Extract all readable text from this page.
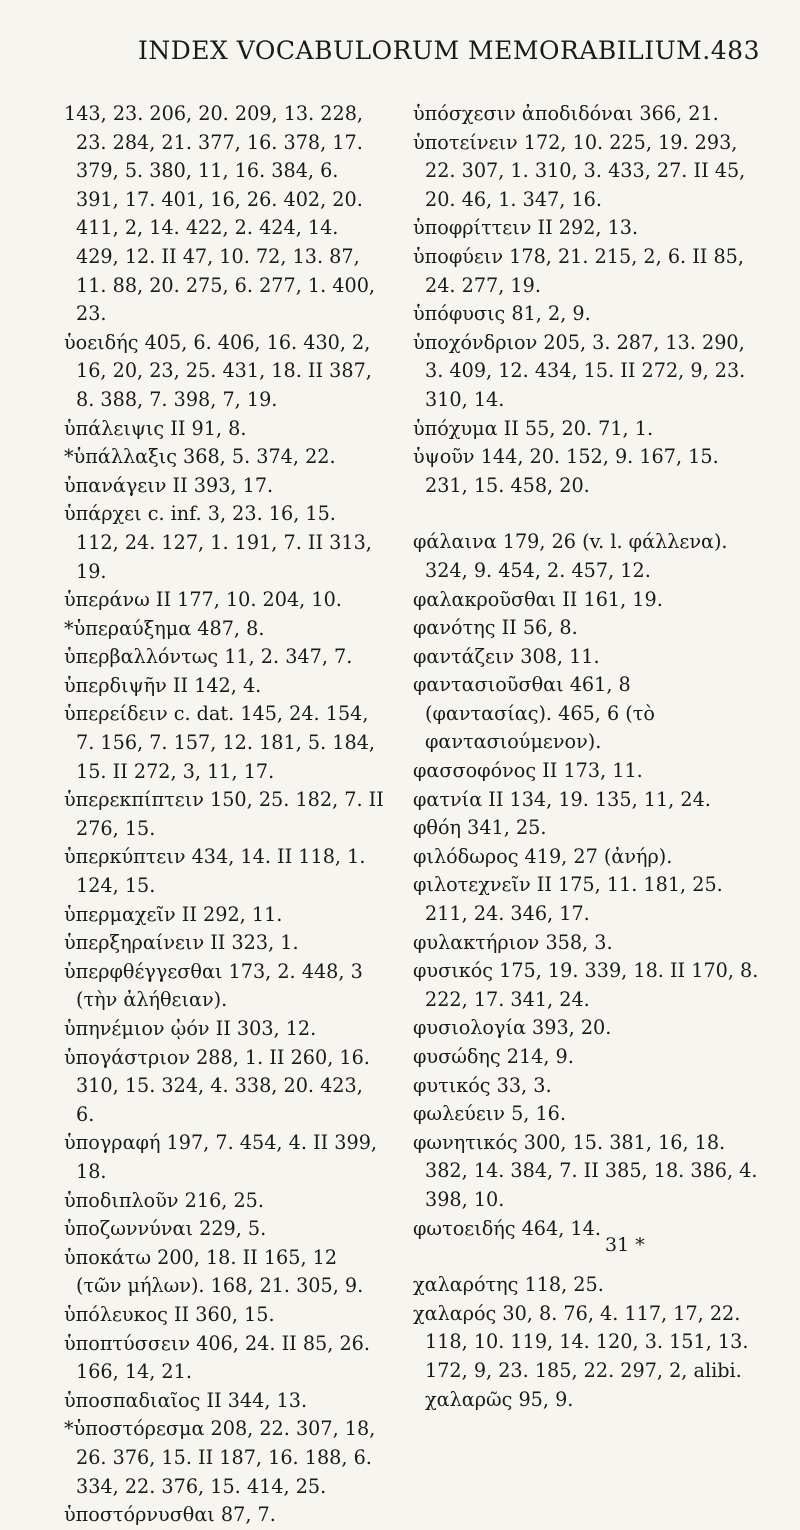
INDEX VOCABULORUM MEMORABILIUM. 483
143, 23. 206, 20. 209, 13. 228, 23. 284, 21. 377, 16. 378, 17. 379, 5. 380, 11, 16. 384, 6. 391, 17. 401, 16, 26. 402, 20. 411, 2, 14. 422, 2. 424, 14. 429, 12. II 47, 10. 72, 13. 87, 11. 88, 20. 275, 6. 277, 1. 400, 23.
ὑοειδής 405, 6. 406, 16. 430, 2, 16, 20, 23, 25. 431, 18. II 387, 8. 388, 7. 398, 7, 19.
ὑπάλειψις II 91, 8.
*ὑπάλλαξις 368, 5. 374, 22.
ὑπανάγειν II 393, 17.
ὑπάρχει c. inf. 3, 23. 16, 15. 112, 24. 127, 1. 191, 7. II 313, 19.
ὑπεράνω II 177, 10. 204, 10.
*ὑπεραύξημα 487, 8.
ὑπερβαλλόντως 11, 2. 347, 7.
ὑπερδιψῆν II 142, 4.
ὑπερείδειν c. dat. 145, 24. 154, 7. 156, 7. 157, 12. 181, 5. 184, 15. II 272, 3, 11, 17.
ὑπερεκπίπτειν 150, 25. 182, 7. II 276, 15.
ὑπερκύπτειν 434, 14. II 118, 1. 124, 15.
ὑπερμαχεῖν II 292, 11.
ὑπερξηραίνειν II 323, 1.
ὑπερφθέγγεσθαι 173, 2. 448, 3 (τὴν ἀλήθειαν).
ὑπηνέμιον ᾠόν II 303, 12.
ὑπογάστριον 288, 1. II 260, 16. 310, 15. 324, 4. 338, 20. 423, 6.
ὑπογραφή 197, 7. 454, 4. II 399, 18.
ὑποδιπλοῦν 216, 25.
ὑποζωννύναι 229, 5.
ὑποκάτω 200, 18. II 165, 12 (τῶν μήλων). 168, 21. 305, 9.
ὑπόλευκος II 360, 15.
ὑποπτύσσειν 406, 24. II 85, 26. 166, 14, 21.
ὑποσπαδιαῖος II 344, 13.
*ὑποστόρεσμα 208, 22. 307, 18, 26. 376, 15. II 187, 16. 188, 6. 334, 22. 376, 15. 414, 25.
ὑποστόρνυσθαι 87, 7.
ὑπόσχεσιν ἀποδιδόναι 366, 21.
ὑποτείνειν 172, 10. 225, 19. 293, 22. 307, 1. 310, 3. 433, 27. II 45, 20. 46, 1. 347, 16.
ὑποφρίττειν II 292, 13.
ὑποφύειν 178, 21. 215, 2, 6. II 85, 24. 277, 19.
ὑπόφυσις 81, 2, 9.
ὑποχόνδριον 205, 3. 287, 13. 290, 3. 409, 12. 434, 15. II 272, 9, 23. 310, 14.
ὑπόχυμα II 55, 20. 71, 1.
ὑψοῦν 144, 20. 152, 9. 167, 15. 231, 15. 458, 20.
φάλαινα 179, 26 (v. l. φάλλενα). 324, 9. 454, 2. 457, 12.
φαλακροῦσθαι II 161, 19.
φανότης II 56, 8.
φαντάζειν 308, 11.
φαντασιοῦσθαι 461, 8 (φαντασίας). 465, 6 (τὸ φαντασιούμενον).
φασσοφόνος II 173, 11.
φατνία II 134, 19. 135, 11, 24.
φθόη 341, 25.
φιλόδωρος 419, 27 (ἀνήρ).
φιλοτεχνεῖν II 175, 11. 181, 25. 211, 24. 346, 17.
φυλακτήριον 358, 3.
φυσικός 175, 19. 339, 18. II 170, 8. 222, 17. 341, 24.
φυσιολογία 393, 20.
φυσώδης 214, 9.
φυτικός 33, 3.
φωλεύειν 5, 16.
φωνητικός 300, 15. 381, 16, 18. 382, 14. 384, 7. II 385, 18. 386, 4. 398, 10.
φωτοειδής 464, 14.
χαλαρότης 118, 25.
χαλαρός 30, 8. 76, 4. 117, 17, 22. 118, 10. 119, 14. 120, 3. 151, 13. 172, 9, 23. 185, 22. 297, 2, alibi. χαλαρῶς 95, 9.
31 *
